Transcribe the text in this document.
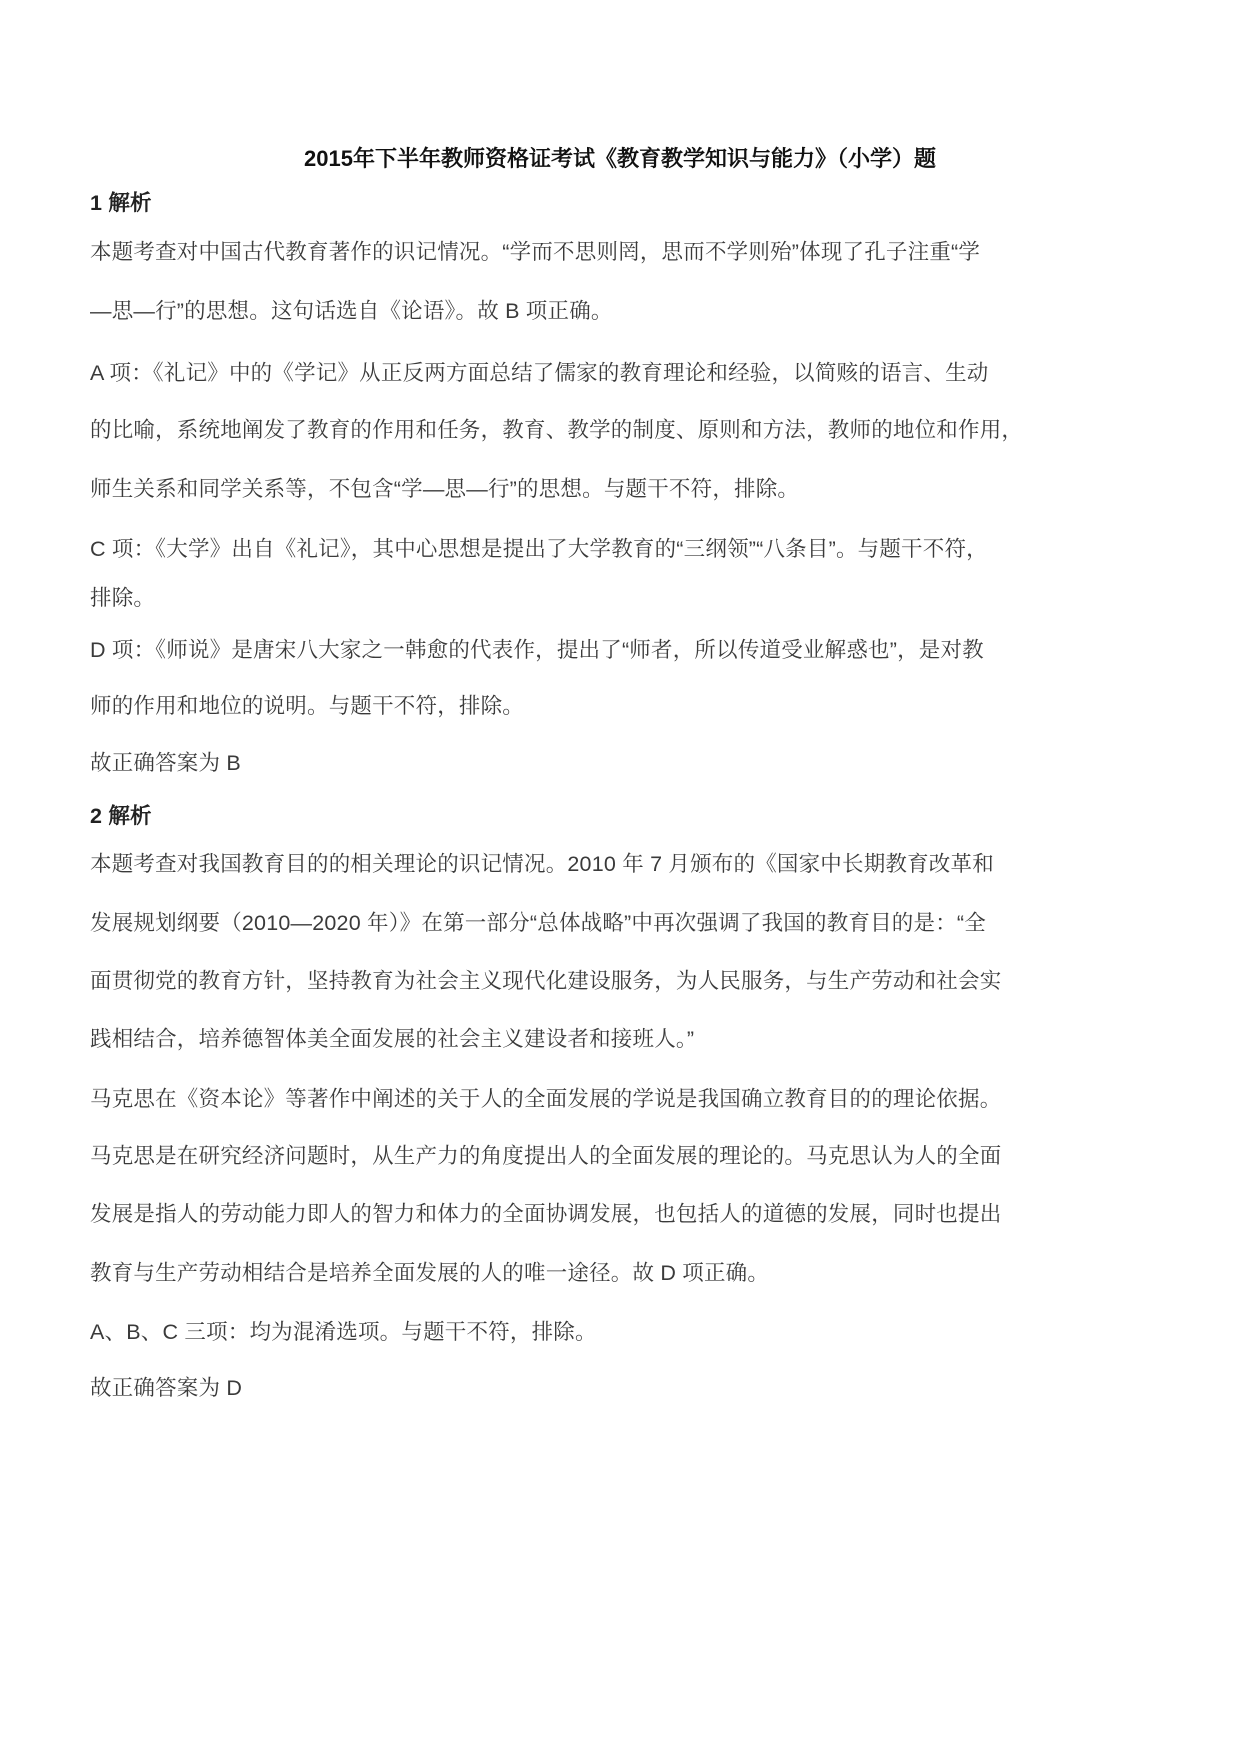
2015年下半年教师资格证考试《教育教学知识与能力》（小学）题
1 解析
本题考查对中国古代教育著作的识记情况。“学而不思则罔，思而不学则殆”体现了孔子注重“学
—思—行”的思想。这句话选自《论语》。故 B 项正确。
A 项：《礼记》中的《学记》从正反两方面总结了儒家的教育理论和经验，以简赅的语言、生动
的比喻，系统地阐发了教育的作用和任务，教育、教学的制度、原则和方法，教师的地位和作用，
师生关系和同学关系等，不包含“学—思—行”的思想。与题干不符，排除。
C 项：《大学》出自《礼记》，其中心思想是提出了大学教育的“三纲领”“八条目”。与题干不符，
排除。
D 项：《师说》是唐宋八大家之一韩愈的代表作，提出了“师者，所以传道受业解惑也”，是对教
师的作用和地位的说明。与题干不符，排除。
故正确答案为 B
2 解析
本题考查对我国教育目的的相关理论的识记情况。2010 年 7 月颁布的《国家中长期教育改革和
发展规划纲要（2010—2020 年）》在第一部分“总体战略”中再次强调了我国的教育目的是：“全
面贯彻党的教育方针，坚持教育为社会主义现代化建设服务，为人民服务，与生产劳动和社会实
践相结合，培养德智体美全面发展的社会主义建设者和接班人。”
马克思在《资本论》等著作中阐述的关于人的全面发展的学说是我国确立教育目的的理论依据。
马克思是在研究经济问题时，从生产力的角度提出人的全面发展的理论的。马克思认为人的全面
发展是指人的劳动能力即人的智力和体力的全面协调发展，也包括人的道德的发展，同时也提出
教育与生产劳动相结合是培养全面发展的人的唯一途径。故 D 项正确。
A、B、C 三项：均为混淆选项。与题干不符，排除。
故正确答案为 D
